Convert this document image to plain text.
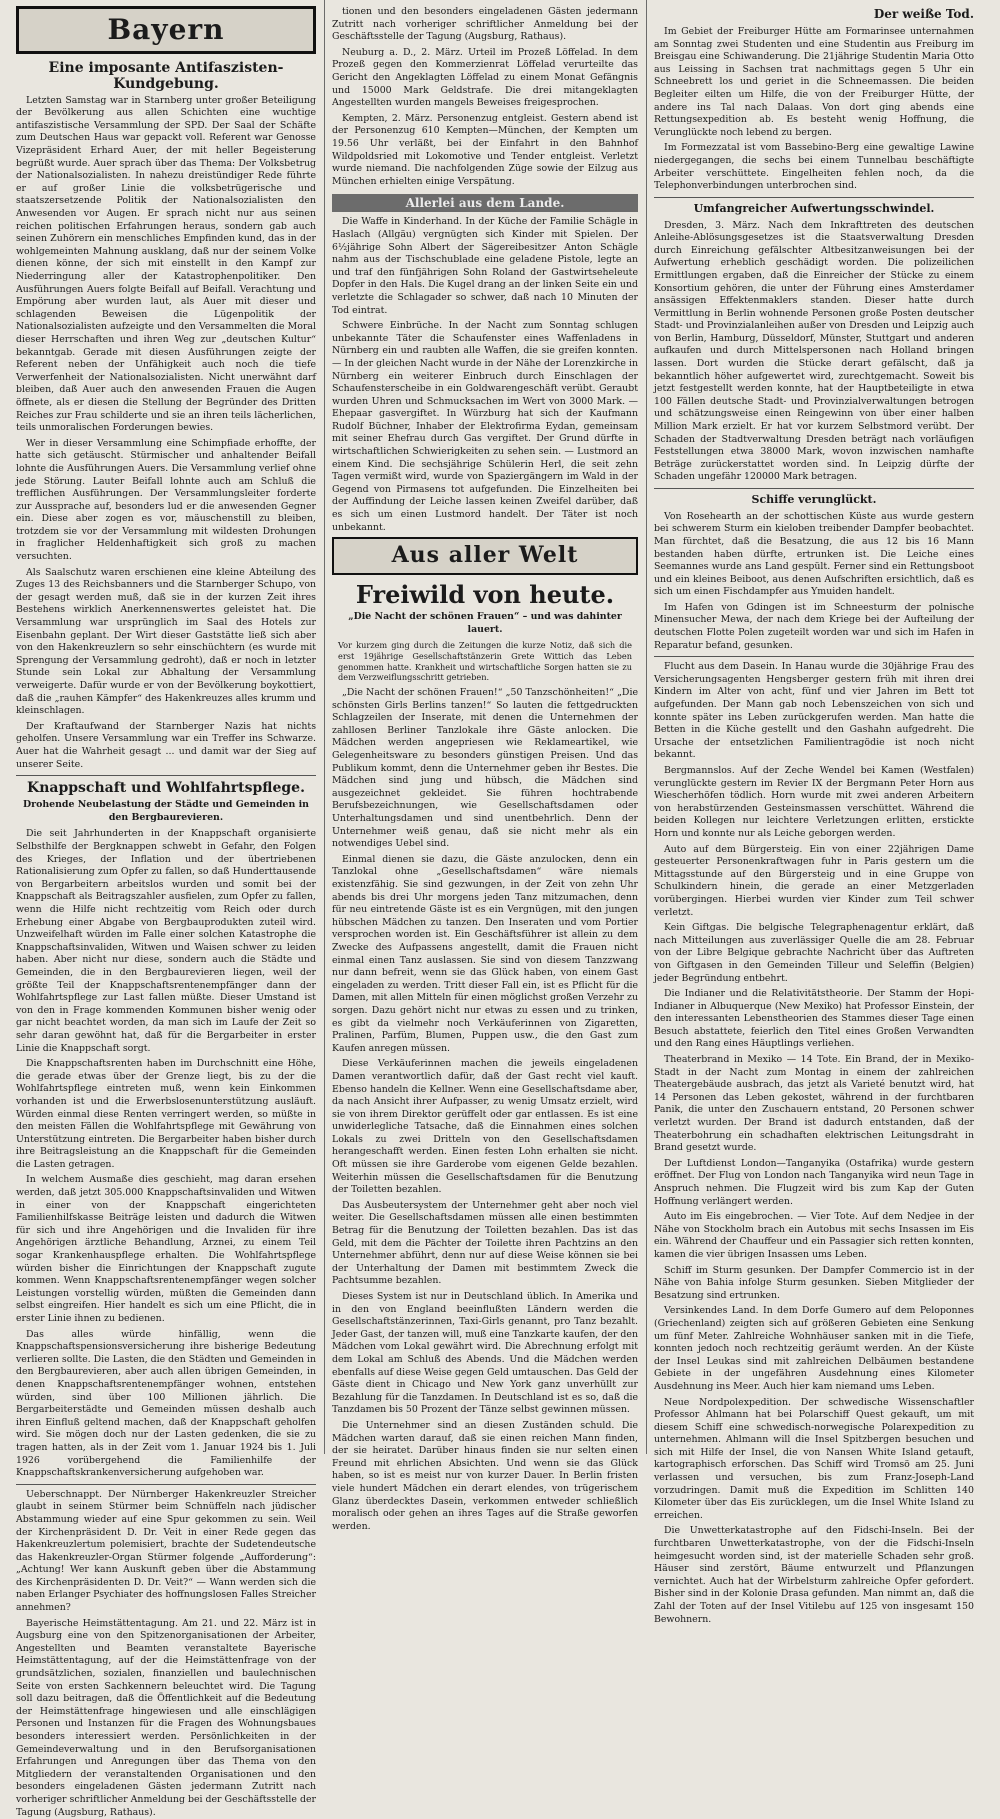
Bayern
Eine imposante Antifaszisten-Kundgebung.

Letzten Samstag war in Starnberg unter großer Beteiligung der Bevölkerung aus allen Schichten eine wuchtige antifaszistische Versammlung der SPD. Der Saal der Schäfte zum Deutschen Haus war gepackt voll. Referent war Genosse Vizepräsident Erhard Auer, der mit heller Begeisterung begrüßt wurde. Auer sprach über das Thema: Der Volksbetrug der Nationalsozialisten. In nahezu dreistündiger Rede führte er auf großer Linie die volksbetrügerische und staatszersetzende Politik der Nationalsozialisten den Anwesenden vor Augen. Er sprach nicht nur aus seinen reichen politischen Erfahrungen heraus, sondern gab auch seinen Zuhörern ein menschliches Empfinden kund, das in der wohlgemeinten Mahnung ausklang, daß nur der seinem Volke dienen könne, der sich mit einstellt in den Kampf zur Niederringung aller der Katastrophenpolitiker. Den Ausführungen Auers folgte Beifall auf Beifall. Verachtung und Empörung aber wurden laut, als Auer mit dieser und schlagenden Beweisen die Lügenpolitik der Nationalsozialisten aufzeigte und den Versammelten die Moral dieser Herrschaften und ihren Weg zur „deutschen Kultur“ bekanntgab. Gerade mit diesen Ausführungen zeigte der Referent neben der Unfähigkeit auch noch die tiefe Verwerfenheit der Nationalsozialisten. Nicht unerwähnt darf bleiben, daß Auer auch den anwesenden Frauen die Augen öffnete, als er diesen die Stellung der Begründer des Dritten Reiches zur Frau schilderte und sie an ihren teils lächerlichen, teils unmoralischen Forderungen bewies.

Wer in dieser Versammlung eine Schimpfiade erhoffte, der hatte sich getäuscht. Stürmischer und anhaltender Beifall lohnte die Ausführungen Auers. Die Versammlung verlief ohne jede Störung. Lauter Beifall lohnte auch am Schluß die trefflichen Ausführungen. Der Versammlungsleiter forderte zur Aussprache auf, besonders lud er die anwesenden Gegner ein. Diese aber zogen es vor, mäuschenstill zu bleiben, trotzdem sie vor der Versammlung mit wildesten Drohungen in fraglicher Heldenhaftigkeit sich groß zu machen versuchten.

Als Saalschutz waren erschienen eine kleine Abteilung des Zuges 13 des Reichsbanners und die Starnberger Schupo, von der gesagt werden muß, daß sie in der kurzen Zeit ihres Bestehens wirklich Anerkennenswertes geleistet hat. Die Versammlung war ursprünglich im Saal des Hotels zur Eisenbahn geplant. Der Wirt dieser Gaststätte ließ sich aber von den Hakenkreuzlern so sehr einschüchtern (es wurde mit Sprengung der Versammlung gedroht), daß er noch in letzter Stunde sein Lokal zur Abhaltung der Versammlung verweigerte. Dafür wurde er von der Bevölkerung boykottiert, daß die „rauhen Kämpfer“ des Hakenkreuzes alles krumm und kleinschlagen.

Der Kraftaufwand der Starnberger Nazis hat nichts geholfen. Unsere Versammlung war ein Treffer ins Schwarze. Auer hat die Wahrheit gesagt ... und damit war der Sieg auf unserer Seite.

Knappschaft und Wohlfahrtspflege.
Drohende Neubelastung der Städte und Gemeinden in den Bergbaurevieren.

Die seit Jahrhunderten in der Knappschaft organisierte Selbsthilfe der Bergknappen schwebt in Gefahr, den Folgen des Krieges, der Inflation und der übertriebenen Rationalisierung zum Opfer zu fallen, so daß Hunderttausende von Bergarbeitern arbeitslos wurden und somit bei der Knappschaft als Beitragszahler ausfielen, zum Opfer zu fallen, wenn die Hilfe nicht rechtzeitig vom Reich oder durch Erhebung einer Abgabe von Bergbauprodukten zuteil wird. Unzweifelhaft würden im Falle einer solchen Katastrophe die Knappschaftsinvaliden, Witwen und Waisen schwer zu leiden haben. Aber nicht nur diese, sondern auch die Städte und Gemeinden, die in den Bergbaurevieren liegen, weil der größte Teil der Knappschaftsrentenempfänger dann der Wohlfahrtspflege zur Last fallen müßte. Dieser Umstand ist von den in Frage kommenden Kommunen bisher wenig oder gar nicht beachtet worden, da man sich im Laufe der Zeit so sehr daran gewöhnt hat, daß für die Bergarbeiter in erster Linie die Knappschaft sorgt.

Die Knappschaftsrenten haben im Durchschnitt eine Höhe, die gerade etwas über der Grenze liegt, bis zu der die Wohlfahrtspflege eintreten muß, wenn kein Einkommen vorhanden ist und die Erwerbslosenunterstützung ausläuft. Würden einmal diese Renten verringert werden, so müßte in den meisten Fällen die Wohlfahrtspflege mit Gewährung von Unterstützung eintreten. Die Bergarbeiter haben bisher durch ihre Beitragsleistung an die Knappschaft für die Gemeinden die Lasten getragen.

In welchem Ausmaße dies geschieht, mag daran ersehen werden, daß jetzt 305.000 Knappschaftsinvaliden und Witwen in einer von der Knappschaft eingerichteten Familienhilfskasse Beiträge leisten und dadurch die Witwen für sich und ihre Angehörigen und die Invaliden für ihre Angehörigen ärztliche Behandlung, Arznei, zu einem Teil sogar Krankenhauspflege erhalten. Die Wohlfahrtspflege würden bisher die Einrichtungen der Knappschaft zugute kommen. Wenn Knappschaftsrentenempfänger wegen solcher Leistungen vorstellig würden, müßten die Gemeinden dann selbst eingreifen. Hier handelt es sich um eine Pflicht, die in erster Linie ihnen zu bedienen.

Das alles würde hinfällig, wenn die Knappschaftspensionsversicherung ihre bisherige Bedeutung verlieren sollte. Die Lasten, die den Städten und Gemeinden in den Bergbaurevieren, aber auch allen übrigen Gemeinden, in denen Knappschaftsrentenempfänger wohnen, entstehen würden, sind über 100 Millionen jährlich. Die Bergarbeiterstädte und Gemeinden müssen deshalb auch ihren Einfluß geltend machen, daß der Knappschaft geholfen wird. Sie mögen doch nur der Lasten gedenken, die sie zu tragen hatten, als in der Zeit vom 1. Januar 1924 bis 1. Juli 1926 vorübergehend die Familienhilfe der Knappschaftskrankenversicherung aufgehoben war.

Ueberschnappt. Der Nürnberger Hakenkreuzler Streicher glaubt in seinem Stürmer beim Schnüffeln nach jüdischer Abstammung wieder auf eine Spur gekommen zu sein. Weil der Kirchenpräsident D. Dr. Veit in einer Rede gegen das Hakenkreuzlertum polemisiert, brachte der Sudetendeutsche das Hakenkreuzler-Organ Stürmer folgende „Aufforderung“: „Achtung! Wer kann Auskunft geben über die Abstammung des Kirchenpräsidenten D. Dr. Veit?“ — Wann werden sich die naben Erlanger Psychiater des hoffnungslosen Falles Streicher annehmen?

Bayerische Heimstättentagung. Am 21. und 22. März ist in Augsburg eine von den Spitzenorganisationen der Arbeiter, Angestellten und Beamten veranstaltete Bayerische Heimstättentagung, auf der die Heimstättenfrage von der grundsätzlichen, sozialen, finanziellen und baulechnischen Seite von ersten Sachkennern beleuchtet wird. Die Tagung soll dazu beitragen, daß die Öffentlichkeit auf die Bedeutung der Heimstättenfrage hingewiesen und alle einschlägigen Personen und Instanzen für die Fragen des Wohnungsbaues besonders interessiert werden. Persönlichkeiten in der Gemeindeverwaltung und in den Berufsorganisationen Erfahrungen und Anregungen über das Thema von den Mitgliedern der veranstaltenden Organisationen und den besonders eingeladenen Gästen jedermann Zutritt nach vorheriger schriftlicher Anmeldung bei der Geschäftsstelle der Tagung (Augsburg, Rathaus).

tionen und den besonders eingeladenen Gästen jedermann Zutritt nach vorheriger schriftlicher Anmeldung bei der Geschäftsstelle der Tagung (Augsburg, Rathaus).

Neuburg a. D., 2. März. Urteil im Prozeß Löffelad. In dem Prozeß gegen den Kommerzienrat Löffelad verurteilte das Gericht den Angeklagten Löffelad zu einem Monat Gefängnis und 15000 Mark Geldstrafe. Die drei mitangeklagten Angestellten wurden mangels Beweises freigesprochen.

Kempten, 2. März. Personenzug entgleist. Gestern abend ist der Personenzug 610 Kempten—München, der Kempten um 19.56 Uhr verläßt, bei der Einfahrt in den Bahnhof Wildpoldsried mit Lokomotive und Tender entgleist. Verletzt wurde niemand. Die nachfolgenden Züge sowie der Eilzug aus München erhielten einige Verspätung.

Allerlei aus dem Lande.

Die Waffe in Kinderhand. In der Küche der Familie Schägle in Haslach (Allgäu) vergnügten sich Kinder mit Spielen. Der 6½jährige Sohn Albert der Sägereibesitzer Anton Schägle nahm aus der Tischschublade eine geladene Pistole, legte an und traf den fünfjährigen Sohn Roland der Gastwirtseheleute Dopfer in den Hals. Die Kugel drang an der linken Seite ein und verletzte die Schlagader so schwer, daß nach 10 Minuten der Tod eintrat.

Schwere Einbrüche. In der Nacht zum Sonntag schlugen unbekannte Täter die Schaufenster eines Waffenladens in Nürnberg ein und raubten alle Waffen, die sie greifen konnten. — In der gleichen Nacht wurde in der Nähe der Lorenzkirche in Nürnberg ein weiterer Einbruch durch Einschlagen der Schaufensterscheibe in ein Goldwarengeschäft verübt. Geraubt wurden Uhren und Schmucksachen im Wert von 3000 Mark. — Ehepaar gasvergiftet. In Würzburg hat sich der Kaufmann Rudolf Büchner, Inhaber der Elektrofirma Eydan, gemeinsam mit seiner Ehefrau durch Gas vergiftet. Der Grund dürfte in wirtschaftlichen Schwierigkeiten zu sehen sein. — Lustmord an einem Kind. Die sechsjährige Schülerin Herl, die seit zehn Tagen vermißt wird, wurde von Spaziergängern im Wald in der Gegend von Pirmasens tot aufgefunden. Die Einzelheiten bei der Auffindung der Leiche lassen keinen Zweifel darüber, daß es sich um einen Lustmord handelt. Der Täter ist noch unbekannt.

Aus aller Welt
Freiwild von heute.
„Die Nacht der schönen Frauen“ – und was dahinter lauert.
Vor kurzem ging durch die Zeitungen die kurze Notiz, daß sich die erst 19jährige Gesellschaftstänzerin Grete Wittich das Leben genommen hatte. Krankheit und wirtschaftliche Sorgen hatten sie zu dem Verzweiflungsschritt getrieben.

„Die Nacht der schönen Frauen!“ „50 Tanzschönheiten!“ „Die schönsten Girls Berlins tanzen!“ So lauten die fettgedruckten Schlagzeilen der Inserate, mit denen die Unternehmen der zahllosen Berliner Tanzlokale ihre Gäste anlocken. Die Mädchen werden angepriesen wie Reklameartikel, wie Gelegenheitsware zu besonders günstigen Preisen. Und das Publikum kommt, denn die Unternehmer geben ihr Bestes. Die Mädchen sind jung und hübsch, die Mädchen sind ausgezeichnet gekleidet. Sie führen hochtrabende Berufsbezeichnungen, wie Gesellschaftsdamen oder Unterhaltungsdamen und sind unentbehrlich. Denn der Unternehmer weiß genau, daß sie nicht mehr als ein notwendiges Uebel sind.

Einmal dienen sie dazu, die Gäste anzulocken, denn ein Tanzlokal ohne „Gesellschaftsdamen“ wäre niemals existenzfähig. Sie sind gezwungen, in der Zeit von zehn Uhr abends bis drei Uhr morgens jeden Tanz mitzumachen, denn für neu eintretende Gäste ist es ein Vergnügen, mit den jungen hübschen Mädchen zu tanzen. Den Inseraten und vom Portier versprochen worden ist. Ein Geschäftsführer ist allein zu dem Zwecke des Aufpassens angestellt, damit die Frauen nicht einmal einen Tanz auslassen. Sie sind von diesem Tanzzwang nur dann befreit, wenn sie das Glück haben, von einem Gast eingeladen zu werden. Tritt dieser Fall ein, ist es Pflicht für die Damen, mit allen Mitteln für einen möglichst großen Verzehr zu sorgen. Dazu gehört nicht nur etwas zu essen und zu trinken, es gibt da vielmehr noch Verkäuferinnen von Zigaretten, Pralinen, Parfüm, Blumen, Puppen usw., die den Gast zum Kaufen anregen müssen.

Diese Verkäuferinnen machen die jeweils eingeladenen Damen verantwortlich dafür, daß der Gast recht viel kauft. Ebenso handeln die Kellner. Wenn eine Gesellschaftsdame aber, da nach Ansicht ihrer Aufpasser, zu wenig Umsatz erzielt, wird sie von ihrem Direktor gerüffelt oder gar entlassen. Es ist eine unwiderlegliche Tatsache, daß die Einnahmen eines solchen Lokals zu zwei Dritteln von den Gesellschaftsdamen herangeschafft werden. Einen festen Lohn erhalten sie nicht. Oft müssen sie ihre Garderobe vom eigenen Gelde bezahlen. Weiterhin müssen die Gesellschaftsdamen für die Benutzung der Toiletten bezahlen.

Das Ausbeutersystem der Unternehmer geht aber noch viel weiter. Die Gesellschaftsdamen müssen alle einen bestimmten Betrag für die Benutzung der Toiletten bezahlen. Das ist das Geld, mit dem die Pächter der Toilette ihren Pachtzins an den Unternehmer abführt, denn nur auf diese Weise können sie bei der Unterhaltung der Damen mit bestimmtem Zweck die Pachtsumme bezahlen.

Dieses System ist nur in Deutschland üblich. In Amerika und in den von England beeinflußten Ländern werden die Gesellschaftstänzerinnen, Taxi-Girls genannt, pro Tanz bezahlt. Jeder Gast, der tanzen will, muß eine Tanzkarte kaufen, der den Mädchen vom Lokal gewährt wird. Die Abrechnung erfolgt mit dem Lokal am Schluß des Abends. Und die Mädchen werden ebenfalls auf diese Weise gegen Geld umtauschen. Das Geld der Gäste dient in Chicago und New York ganz unverhüllt zur Bezahlung für die Tanzdamen. In Deutschland ist es so, daß die Tanzdamen bis 50 Prozent der Tänze selbst gewinnen müssen.

Die Unternehmer sind an diesen Zuständen schuld. Die Mädchen warten darauf, daß sie einen reichen Mann finden, der sie heiratet. Darüber hinaus finden sie nur selten einen Freund mit ehrlichen Absichten. Und wenn sie das Glück haben, so ist es meist nur von kurzer Dauer. In Berlin fristen viele hundert Mädchen ein derart elendes, von trügerischem Glanz überdecktes Dasein, verkommen entweder schließlich moralisch oder gehen an ihres Tages auf die Straße geworfen werden.

Der weiße Tod.

Im Gebiet der Freiburger Hütte am Formarinsee unternahmen am Sonntag zwei Studenten und eine Studentin aus Freiburg im Breisgau eine Schiwanderung. Die 21jährige Studentin Maria Otto aus Leissing in Sachsen trat nachmittags gegen 5 Uhr ein Schneebrett los und geriet in die Schneemassen. Die beiden Begleiter eilten um Hilfe, die von der Freiburger Hütte, der andere ins Tal nach Dalaas. Von dort ging abends eine Rettungsexpedition ab. Es besteht wenig Hoffnung, die Verunglückte noch lebend zu bergen.

Im Formezzatal ist vom Bassebino-Berg eine gewaltige Lawine niedergegangen, die sechs bei einem Tunnelbau beschäftigte Arbeiter verschüttete. Eingelheiten fehlen noch, da die Telephonverbindungen unterbrochen sind.

Umfangreicher Aufwertungsschwindel.

Dresden, 3. März. Nach dem Inkrafttreten des deutschen Anleihe-Ablösungsgesetzes ist die Staatsverwaltung Dresden durch Einreichung gefälschter Altbesitzanweisungen bei der Aufwertung erheblich geschädigt worden. Die polizeilichen Ermittlungen ergaben, daß die Einreicher der Stücke zu einem Konsortium gehören, die unter der Führung eines Amsterdamer ansässigen Effektenmaklers standen. Dieser hatte durch Vermittlung in Berlin wohnende Personen große Posten deutscher Stadt- und Provinzialanleihen außer von Dresden und Leipzig auch von Berlin, Hamburg, Düsseldorf, Münster, Stuttgart und anderen aufkaufen und durch Mittelspersonen nach Holland bringen lassen. Dort wurden die Stücke derart gefälscht, daß ja bekanntlich höher aufgewertet wird, zurechtgemacht. Soweit bis jetzt festgestellt werden konnte, hat der Hauptbeteiligte in etwa 100 Fällen deutsche Stadt- und Provinzialverwaltungen betrogen und schätzungsweise einen Reingewinn von über einer halben Million Mark erzielt. Er hat vor kurzem Selbstmord verübt. Der Schaden der Stadtverwaltung Dresden beträgt nach vorläufigen Feststellungen etwa 38000 Mark, wovon inzwischen namhafte Beträge zurückerstattet worden sind. In Leipzig dürfte der Schaden ungefähr 120000 Mark betragen.

Schiffe verunglückt.

Von Rosehearth an der schottischen Küste aus wurde gestern bei schwerem Sturm ein kieloben treibender Dampfer beobachtet. Man fürchtet, daß die Besatzung, die aus 12 bis 16 Mann bestanden haben dürfte, ertrunken ist. Die Leiche eines Seemannes wurde ans Land gespült. Ferner sind ein Rettungsboot und ein kleines Beiboot, aus denen Aufschriften ersichtlich, daß es sich um einen Fischdampfer aus Ymuiden handelt.

Im Hafen von Gdingen ist im Schneesturm der polnische Minensucher Mewa, der nach dem Kriege bei der Aufteilung der deutschen Flotte Polen zugeteilt worden war und sich im Hafen in Reparatur befand, gesunken.

Flucht aus dem Dasein. In Hanau wurde die 30jährige Frau des Versicherungsagenten Hengsberger gestern früh mit ihren drei Kindern im Alter von acht, fünf und vier Jahren im Bett tot aufgefunden. Der Mann gab noch Lebenszeichen von sich und konnte später ins Leben zurückgerufen werden. Man hatte die Betten in die Küche gestellt und den Gashahn aufgedreht. Die Ursache der entsetzlichen Familientragödie ist noch nicht bekannt.

Bergmannslos. Auf der Zeche Wendel bei Kamen (Westfalen) verunglückte gestern im Revier IX der Bergmann Peter Horn aus Wiescherhöfen tödlich. Horn wurde mit zwei anderen Arbeitern von herabstürzenden Gesteinsmassen verschüttet. Während die beiden Kollegen nur leichtere Verletzungen erlitten, erstickte Horn und konnte nur als Leiche geborgen werden.

Auto auf dem Bürgersteig. Ein von einer 22jährigen Dame gesteuerter Personenkraftwagen fuhr in Paris gestern um die Mittagsstunde auf den Bürgersteig und in eine Gruppe von Schulkindern hinein, die gerade an einer Metzgerladen vorübergingen. Hierbei wurden vier Kinder zum Teil schwer verletzt.

Kein Giftgas. Die belgische Telegraphenagentur erklärt, daß nach Mitteilungen aus zuverlässiger Quelle die am 28. Februar von der Libre Belgique gebrachte Nachricht über das Auftreten von Giftgasen in den Gemeinden Tilleur und Seleffin (Belgien) jeder Begründung entbehrt.

Die Indianer und die Relativitätstheorie. Der Stamm der Hopi-Indianer in Albuquerque (New Mexiko) hat Professor Einstein, der den interessanten Lebenstheorien des Stammes dieser Tage einen Besuch abstattete, feierlich den Titel eines Großen Verwandten und den Rang eines Häuptlings verliehen.

Theaterbrand in Mexiko — 14 Tote. Ein Brand, der in Mexiko-Stadt in der Nacht zum Montag in einem der zahlreichen Theatergebäude ausbrach, das jetzt als Varieté benutzt wird, hat 14 Personen das Leben gekostet, während in der furchtbaren Panik, die unter den Zuschauern entstand, 20 Personen schwer verletzt wurden. Der Brand ist dadurch entstanden, daß der Theaterbohrung ein schadhaften elektrischen Leitungsdraht in Brand gesetzt wurde.

Der Luftdienst London—Tanganyika (Ostafrika) wurde gestern eröffnet. Der Flug von London nach Tanganyika wird neun Tage in Anspruch nehmen. Die Flugzeit wird bis zum Kap der Guten Hoffnung verlängert werden.

Auto im Eis eingebrochen. — Vier Tote. Auf dem Nedjee in der Nähe von Stockholm brach ein Autobus mit sechs Insassen im Eis ein. Während der Chauffeur und ein Passagier sich retten konnten, kamen die vier übrigen Insassen ums Leben.

Schiff im Sturm gesunken. Der Dampfer Commercio ist in der Nähe von Bahia infolge Sturm gesunken. Sieben Mitglieder der Besatzung sind ertrunken.

Versinkendes Land. In dem Dorfe Gumero auf dem Peloponnes (Griechenland) zeigten sich auf größeren Gebieten eine Senkung um fünf Meter. Zahlreiche Wohnhäuser sanken mit in die Tiefe, konnten jedoch noch rechtzeitig geräumt werden. An der Küste der Insel Leukas sind mit zahlreichen Delbäumen bestandene Gebiete in der ungefähren Ausdehnung eines Kilometer Ausdehnung ins Meer. Auch hier kam niemand ums Leben.

Neue Nordpolexpedition. Der schwedische Wissenschaftler Professor Ahlmann hat bei Polarschiff Quest gekauft, um mit diesem Schiff eine schwedisch-norwegische Polarexpedition zu unternehmen. Ahlmann will die Insel Spitzbergen besuchen und sich mit Hilfe der Insel, die von Nansen White Island getauft, kartographisch erforschen. Das Schiff wird Tromsö am 25. Juni verlassen und versuchen, bis zum Franz-Joseph-Land vorzudringen. Damit muß die Expedition im Schlitten 140 Kilometer über das Eis zurücklegen, um die Insel White Island zu erreichen.

Die Unwetterkatastrophe auf den Fidschi-Inseln. Bei der furchtbaren Unwetterkatastrophe, von der die Fidschi-Inseln heimgesucht worden sind, ist der materielle Schaden sehr groß. Häuser sind zerstört, Bäume entwurzelt und Pflanzungen vernichtet. Auch hat der Wirbelsturm zahlreiche Opfer gefordert. Bisher sind in der Kolonie Drasa gefunden. Man nimmt an, daß die Zahl der Toten auf der Insel Vitilebu auf 125 von insgesamt 150 Bewohnern.
